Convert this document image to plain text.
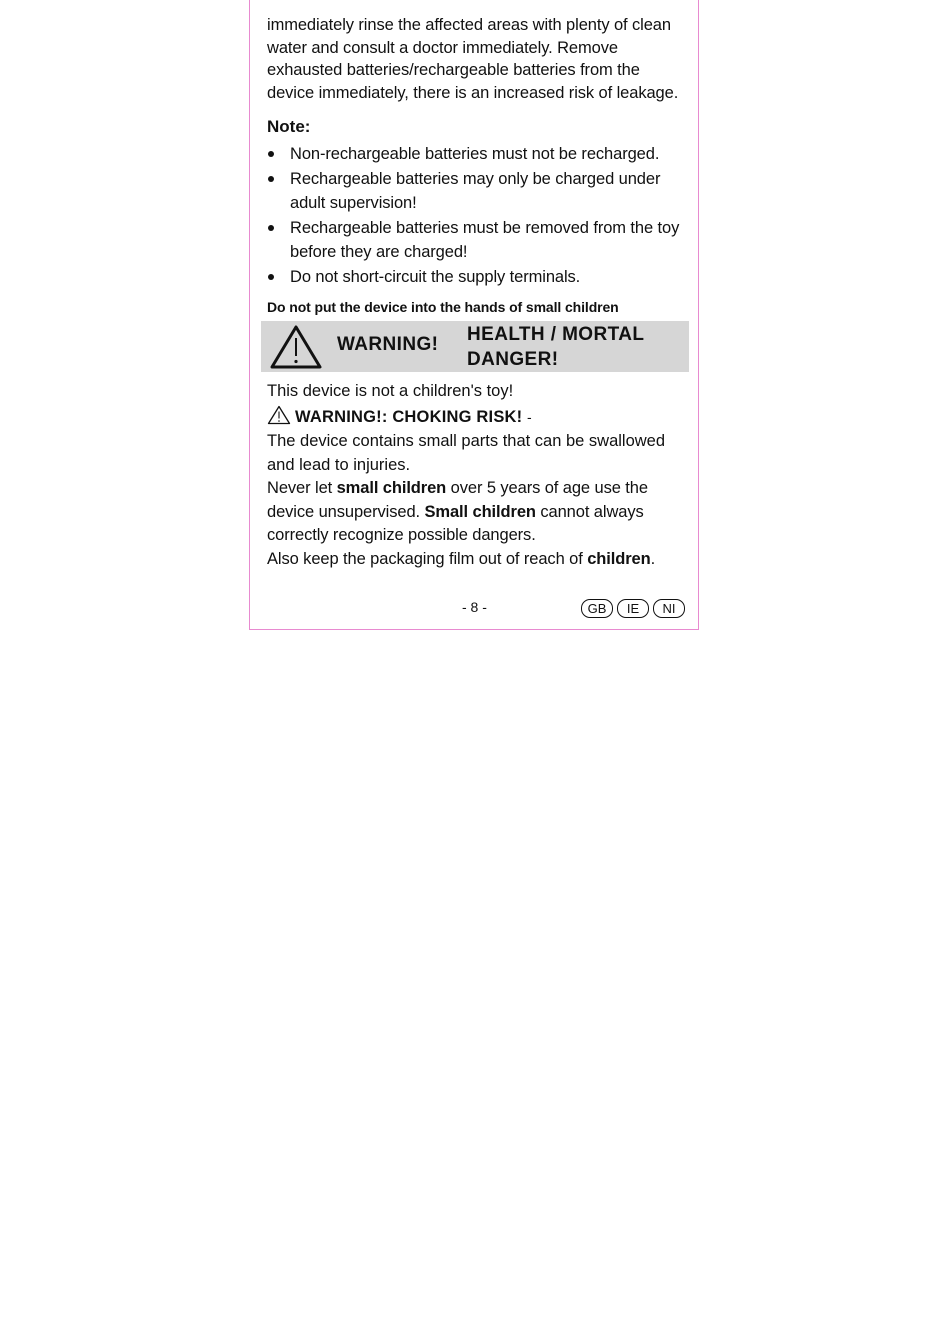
immediately rinse the affected areas with plenty of clean water and consult a doctor immediately. Remove exhausted batteries/rechargeable batteries from the device immediately, there is an increased risk of leakage.

Note:
Non-rechargeable batteries must not be recharged.
Rechargeable batteries may only be charged under adult supervision!
Rechargeable batteries must be removed from the toy before they are charged!
Do not short-circuit the supply terminals.
Do not put the device into the hands of small children
WARNING! HEALTH / MORTAL DANGER!

This device is not a children's toy!

WARNING!: CHOKING RISK! -

The device contains small parts that can be swallowed and lead to injuries.

Never let small children over 5 years of age use the device unsupervised. Small children cannot always correctly recognize possible dangers.

Also keep the packaging film out of reach of children.

- 8 -	GB	IE	NI
